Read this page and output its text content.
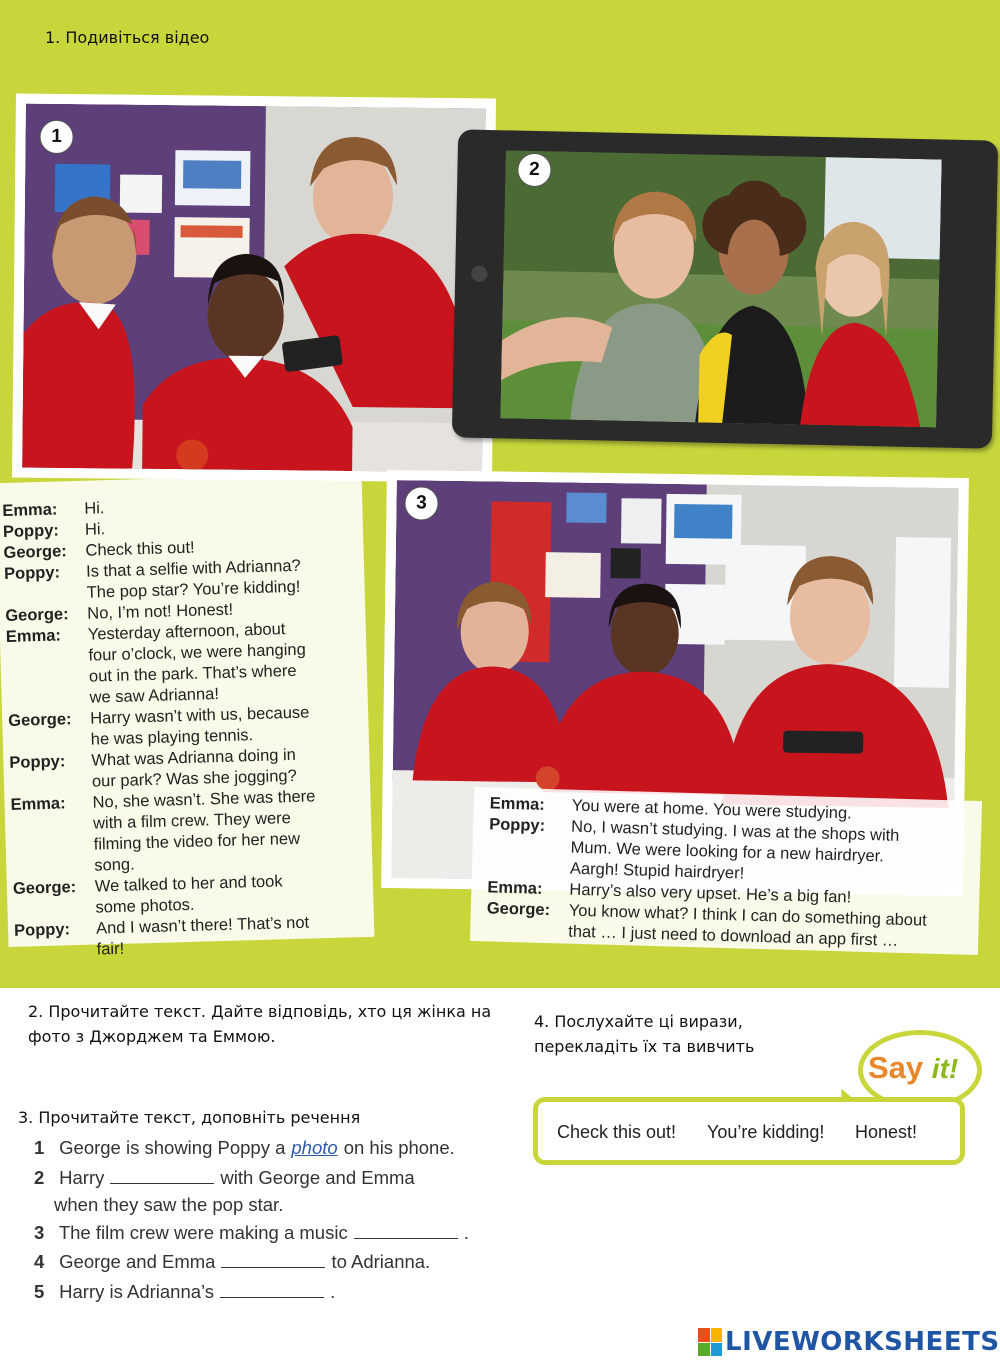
1. Подивіться відео
1
2
3
Emma:	Hi.
Poppy:	Hi.
George:	Check this out!
Poppy:	Is that a selfie with Adrianna?
The pop star? You’re kidding!
George:	No, I’m not! Honest!
Emma:	Yesterday afternoon, about
four o’clock, we were hanging
out in the park. That’s where
we saw Adrianna!
George:	Harry wasn’t with us, because
he was playing tennis.
Poppy:	What was Adrianna doing in
our park? Was she jogging?
Emma:	No, she wasn’t. She was there
with a film crew. They were
filming the video for her new
song.
George:	We talked to her and took
some photos.
Poppy:	And I wasn’t there! That’s not
fair!
Emma:	You were at home. You were studying.
Poppy:	No, I wasn’t studying. I was at the shops with
Mum. We were looking for a new hairdryer.
Aargh! Stupid hairdryer!
Emma:	Harry’s also very upset. He’s a big fan!
George:	You know what? I think I can do something about
that … I just need to download an app first …
2. Прочитайте текст. Дайте відповідь, хто ця жінка на фото з Джорджем та Еммою.
4. Послухайте ці вирази, перекладіть їх та вивчить
Say it!
Check this out! You’re kidding! Honest!
3. Прочитайте текст, доповніть речення
1 George is showing Poppy a photo on his phone.
2 Harry	with George and Emma
when they saw the pop star.
3 The film crew were making a music	.
4 George and Emma	to Adrianna.
5 Harry is Adrianna’s	.
LIVEWORKSHEETS
